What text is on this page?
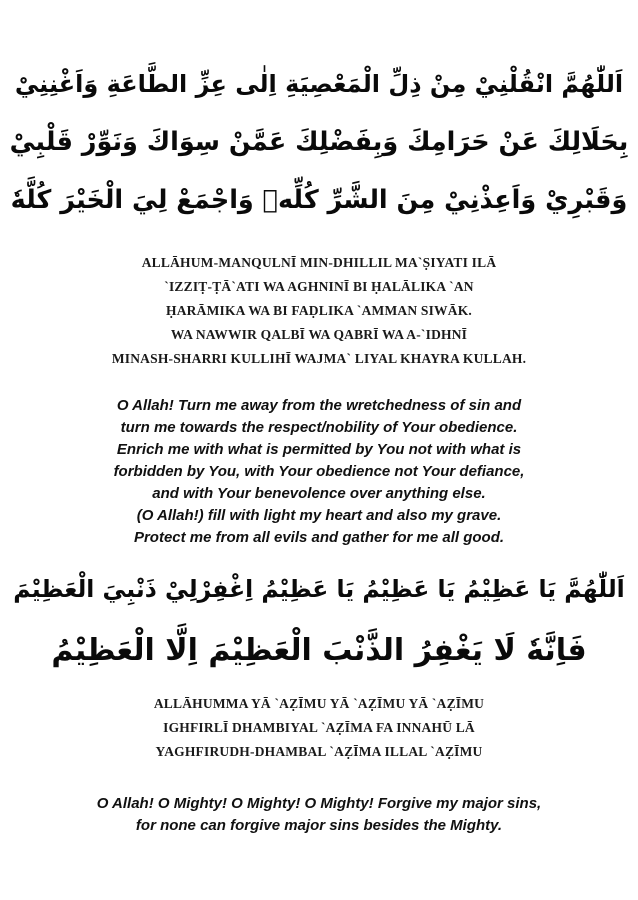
اَللّٰهُمَّ انْقُلْنِيْ مِنْ ذِلِّ الْمَعْصِيَةِ اِلٰى عِزِّ الطَّاعَةِ وَاَغْنِنِيْ
بِحَلَالِكَ عَنْ حَرَامِكَ وَبِفَضْلِكَ عَمَّنْ سِوَاكَ وَنَوِّرْ قَلْبِيْ
وَقَبْرِيْ وَاَعِذْنِيْ مِنَ الشَّرِّ كُلِّهٖ وَاجْمَعْ لِيَ الْخَيْرَ كُلَّهٗ
ALLĀHUM-MANQULNĪ MIN-DHILLIL MA`ṢIYATI ILĀ
`IZZIṬ-ṬĀ`ATI WA AGHNINĪ BI ḤALĀLIKA `AN
ḤARĀMIKA WA BI FAḌLIKA `AMMAN SIWĀK.
WA NAWWIR QALBĪ WA QABRĪ WA A-`IDHNĪ
MINASH-SHARRI KULLIHĪ WAJMA` LIYAL KHAYRA KULLAH.
O Allah! Turn me away from the wretchedness of sin and
turn me towards the respect/nobility of Your obedience.
Enrich me with what is permitted by You not with what is
forbidden by You, with Your obedience not Your defiance,
and with Your benevolence over anything else.
(O Allah!) fill with light my heart and also my grave.
Protect me from all evils and gather for me all good.
اَللّٰهُمَّ يَا عَظِيْمُ يَا عَظِيْمُ يَا عَظِيْمُ اِغْفِرْلِيْ ذَنْبِيَ الْعَظِيْمَ
فَاِنَّهٗ لَا يَغْفِرُ الذَّنْبَ الْعَظِيْمَ اِلَّا الْعَظِيْمُ
ALLĀHUMMA YĀ `AẒĪMU YĀ `AẒĪMU YĀ `AẒĪMU
IGHFIRLĪ DHAMBIYAL `AẒĪMA FA INNAHŪ LĀ
YAGHFIRUDH-DHAMBAL `AẒĪMA ILLAL `AẒĪMU
O Allah! O Mighty! O Mighty! O Mighty! Forgive my major sins,
for none can forgive major sins besides the Mighty.
